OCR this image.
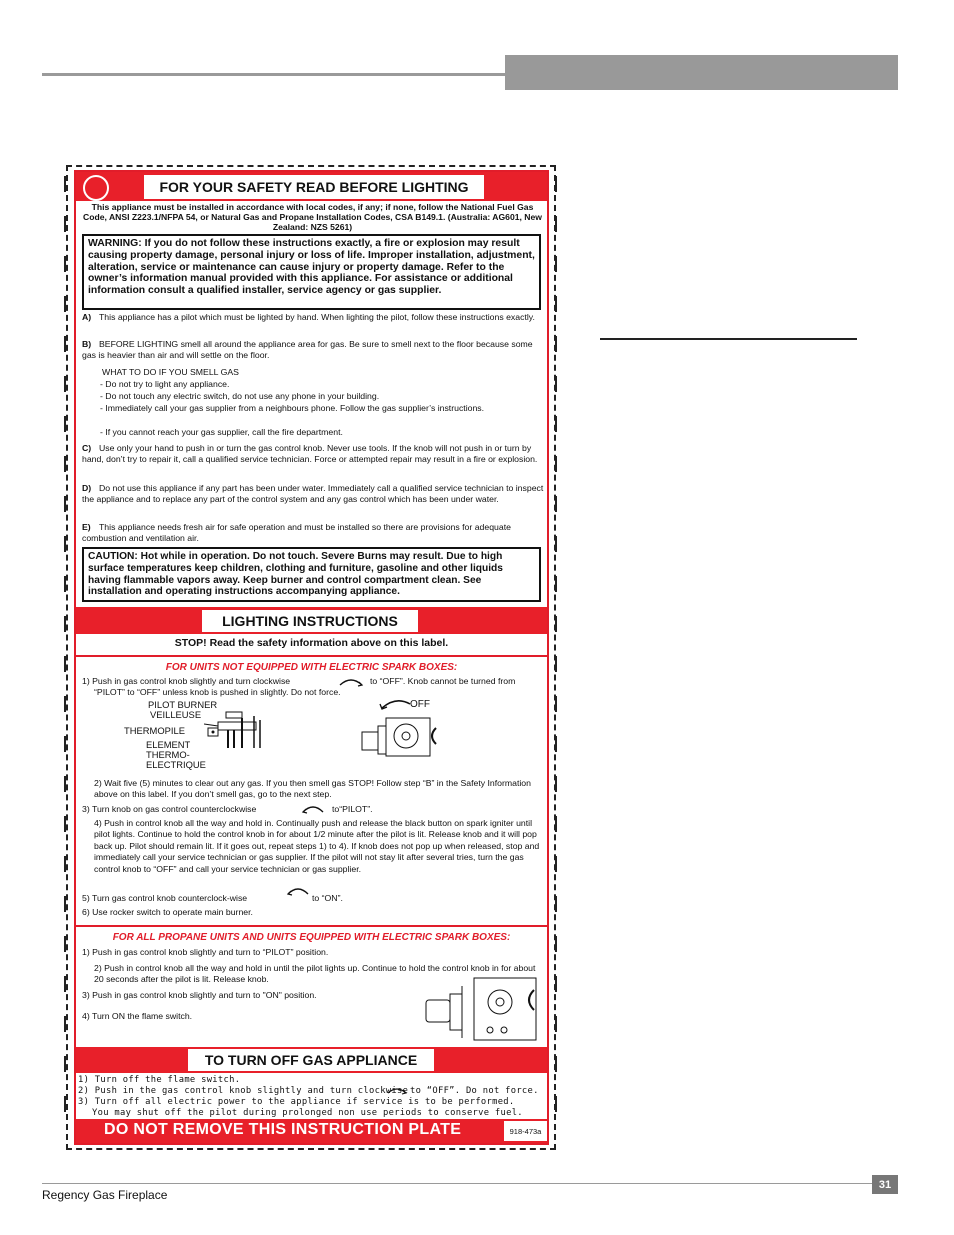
FOR YOUR SAFETY READ BEFORE LIGHTING
This appliance must be installed in accordance with local codes, if any; if none, follow the National Fuel Gas Code, ANSI Z223.1/NFPA 54, or Natural Gas and Propane Installation Codes, CSA B149.1. (Australia: AG601, New Zealand: NZS 5261)
WARNING: If you do not follow these instructions exactly, a fire or explosion may result causing property damage, personal injury or loss of life. Improper installation, adjustment, alteration, service or maintenance can cause injury or property damage. Refer to the owner’s information manual provided with this appliance. For assistance or additional information consult a qualified installer, service agency or gas supplier.
A) This appliance has a pilot which must be lighted by hand. When lighting the pilot, follow these instructions exactly.
B) BEFORE LIGHTING smell all around the appliance area for gas. Be sure to smell next to the floor because some gas is heavier than air and will settle on the floor.
WHAT TO DO IF YOU SMELL GAS
- Do not try to light any appliance.
- Do not touch any electric switch, do not use any phone in your building.
- Immediately call your gas supplier from a neighbours phone. Follow the gas supplier’s instructions.
- If you cannot reach your gas supplier, call the fire department.
C) Use only your hand to push in or turn the gas control knob. Never use tools. If the knob will not push in or turn by hand, don’t try to repair it, call a qualified service technician. Force or attempted repair may result in a fire or explosion.
D) Do not use this appliance if any part has been under water. Immediately call a qualified service technician to inspect the appliance and to replace any part of the control system and any gas control which has been under water.
E) This appliance needs fresh air for safe operation and must be installed so there are provisions for adequate combustion and ventilation air.
CAUTION: Hot while in operation. Do not touch. Severe Burns may result. Due to high surface temperatures keep children, clothing and furniture, gasoline and other liquids having flammable vapors away. Keep burner and control compartment clean. See installation and operating instructions accompanying appliance.
LIGHTING INSTRUCTIONS
STOP! Read the safety information above on this label.
FOR UNITS NOT EQUIPPED WITH ELECTRIC SPARK BOXES:
1) Push in gas control knob slightly and turn clockwise	to “OFF”. Knob cannot be turned from “PILOT” to “OFF” unless knob is pushed in slightly. Do not force.
PILOT BURNER
VEILLEUSE
THERMOPILE
ELEMENT
THERMO-
ELECTRIQUE
OFF
2) Wait five (5) minutes to clear out any gas. If you then smell gas STOP! Follow step “B” in the Safety Information above on this label. If you don’t smell gas, go to the next step.
3) Turn knob on gas control counterclockwise	to“PILOT”.
4) Push in control knob all the way and hold in. Continually push and release the black button on spark igniter until pilot lights. Continue to hold the control knob in for about 1/2 minute after the pilot is lit. Release knob and it will pop back up. Pilot should remain lit. If it goes out, repeat steps 1) to 4). If knob does not pop up when released, stop and immediately call your service technician or gas supplier. If the pilot will not stay lit after several tries, turn the gas control knob to “OFF” and call your service technician or gas supplier.
5) Turn gas control knob counterclock-wise	to “ON”.
6) Use rocker switch to operate main burner.
FOR ALL PROPANE UNITS AND UNITS EQUIPPED WITH ELECTRIC SPARK BOXES:
1) Push in gas control knob slightly and turn to “PILOT” position.
2) Push in control knob all the way and hold in until the pilot lights up. Continue to hold the control knob in for about 20 seconds after the pilot is lit. Release knob.
3) Push in gas control knob slightly and turn to "ON" position.
4) Turn ON the flame switch.
TO TURN OFF GAS APPLIANCE
1) Turn off the flame switch.
2) Push in the gas control knob slightly and turn clockwise to “OFF”. Do not force.
3) Turn off all electric power to the appliance if service is to be performed.
You may shut off the pilot during prolonged non use periods to conserve fuel.
DO NOT REMOVE THIS INSTRUCTION PLATE	918-473a
Regency Gas Fireplace
31
